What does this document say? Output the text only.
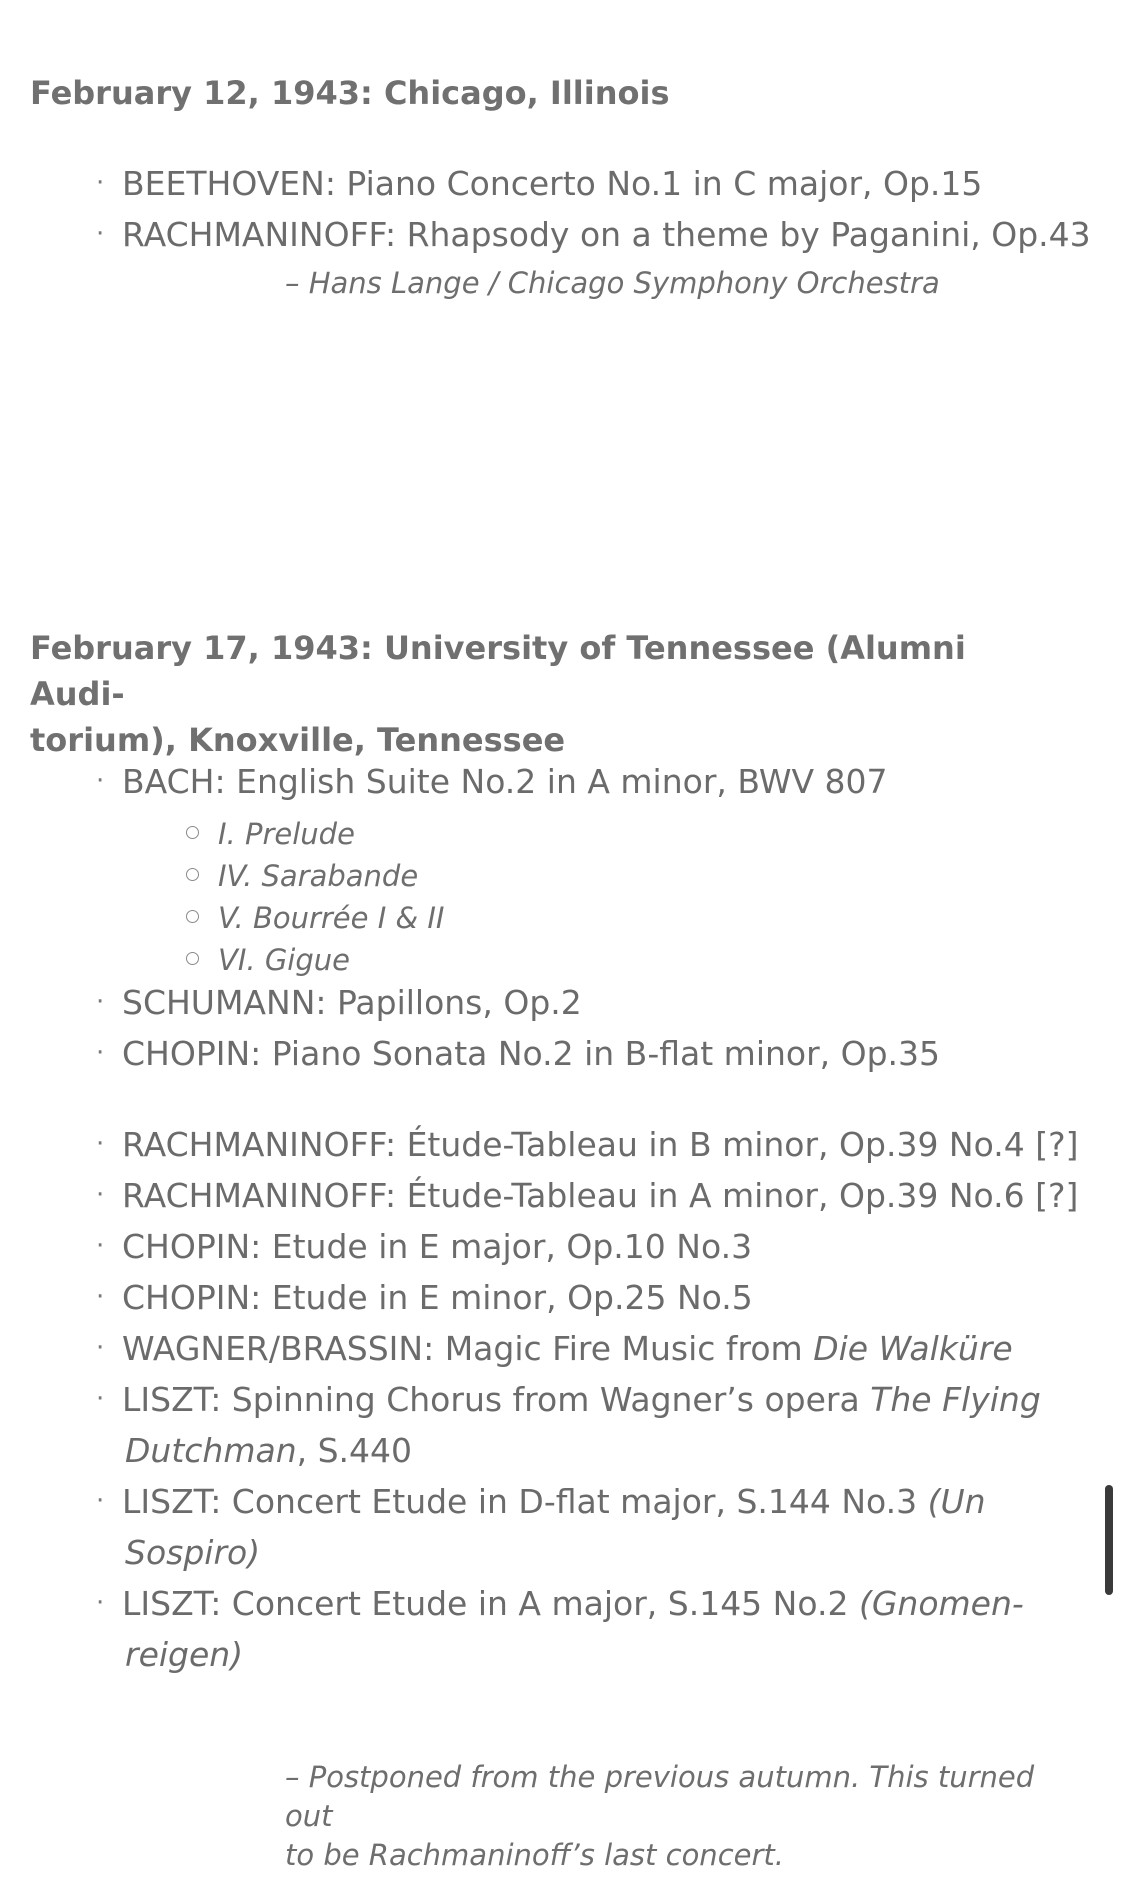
February 12, 1943: Chicago, Illinois
· BEETHOVEN: Piano Concerto No.1 in C major, Op.15
· RACHMANINOFF: Rhapsody on a theme by Paganini, Op.43

– Hans Lange / Chicago Symphony Orchestra

February 17, 1943: University of Tennessee (Alumni Audi-
torium), Knoxville, Tennessee
· BACH: English Suite No.2 in A minor, BWV 807
I. Prelude
IV. Sarabande
V. Bourrée I & II
VI. Gigue
· SCHUMANN: Papillons, Op.2
· CHOPIN: Piano Sonata No.2 in B-flat minor, Op.35
· RACHMANINOFF: Étude-Tableau in B minor, Op.39 No.4 [?]
· RACHMANINOFF: Étude-Tableau in A minor, Op.39 No.6 [?]
· CHOPIN: Etude in E major, Op.10 No.3
· CHOPIN: Etude in E minor, Op.25 No.5
· WAGNER/BRASSIN: Magic Fire Music from Die Walküre
· LISZT: Spinning Chorus from Wagner’s opera The Flying
Dutchman, S.440
· LISZT: Concert Etude in D-flat major, S.144 No.3 (Un
Sospiro)
· LISZT: Concert Etude in A major, S.145 No.2 (Gnomen-
reigen)

– Postponed from the previous autumn. This turned out
to be Rachmaninoff’s last concert.
